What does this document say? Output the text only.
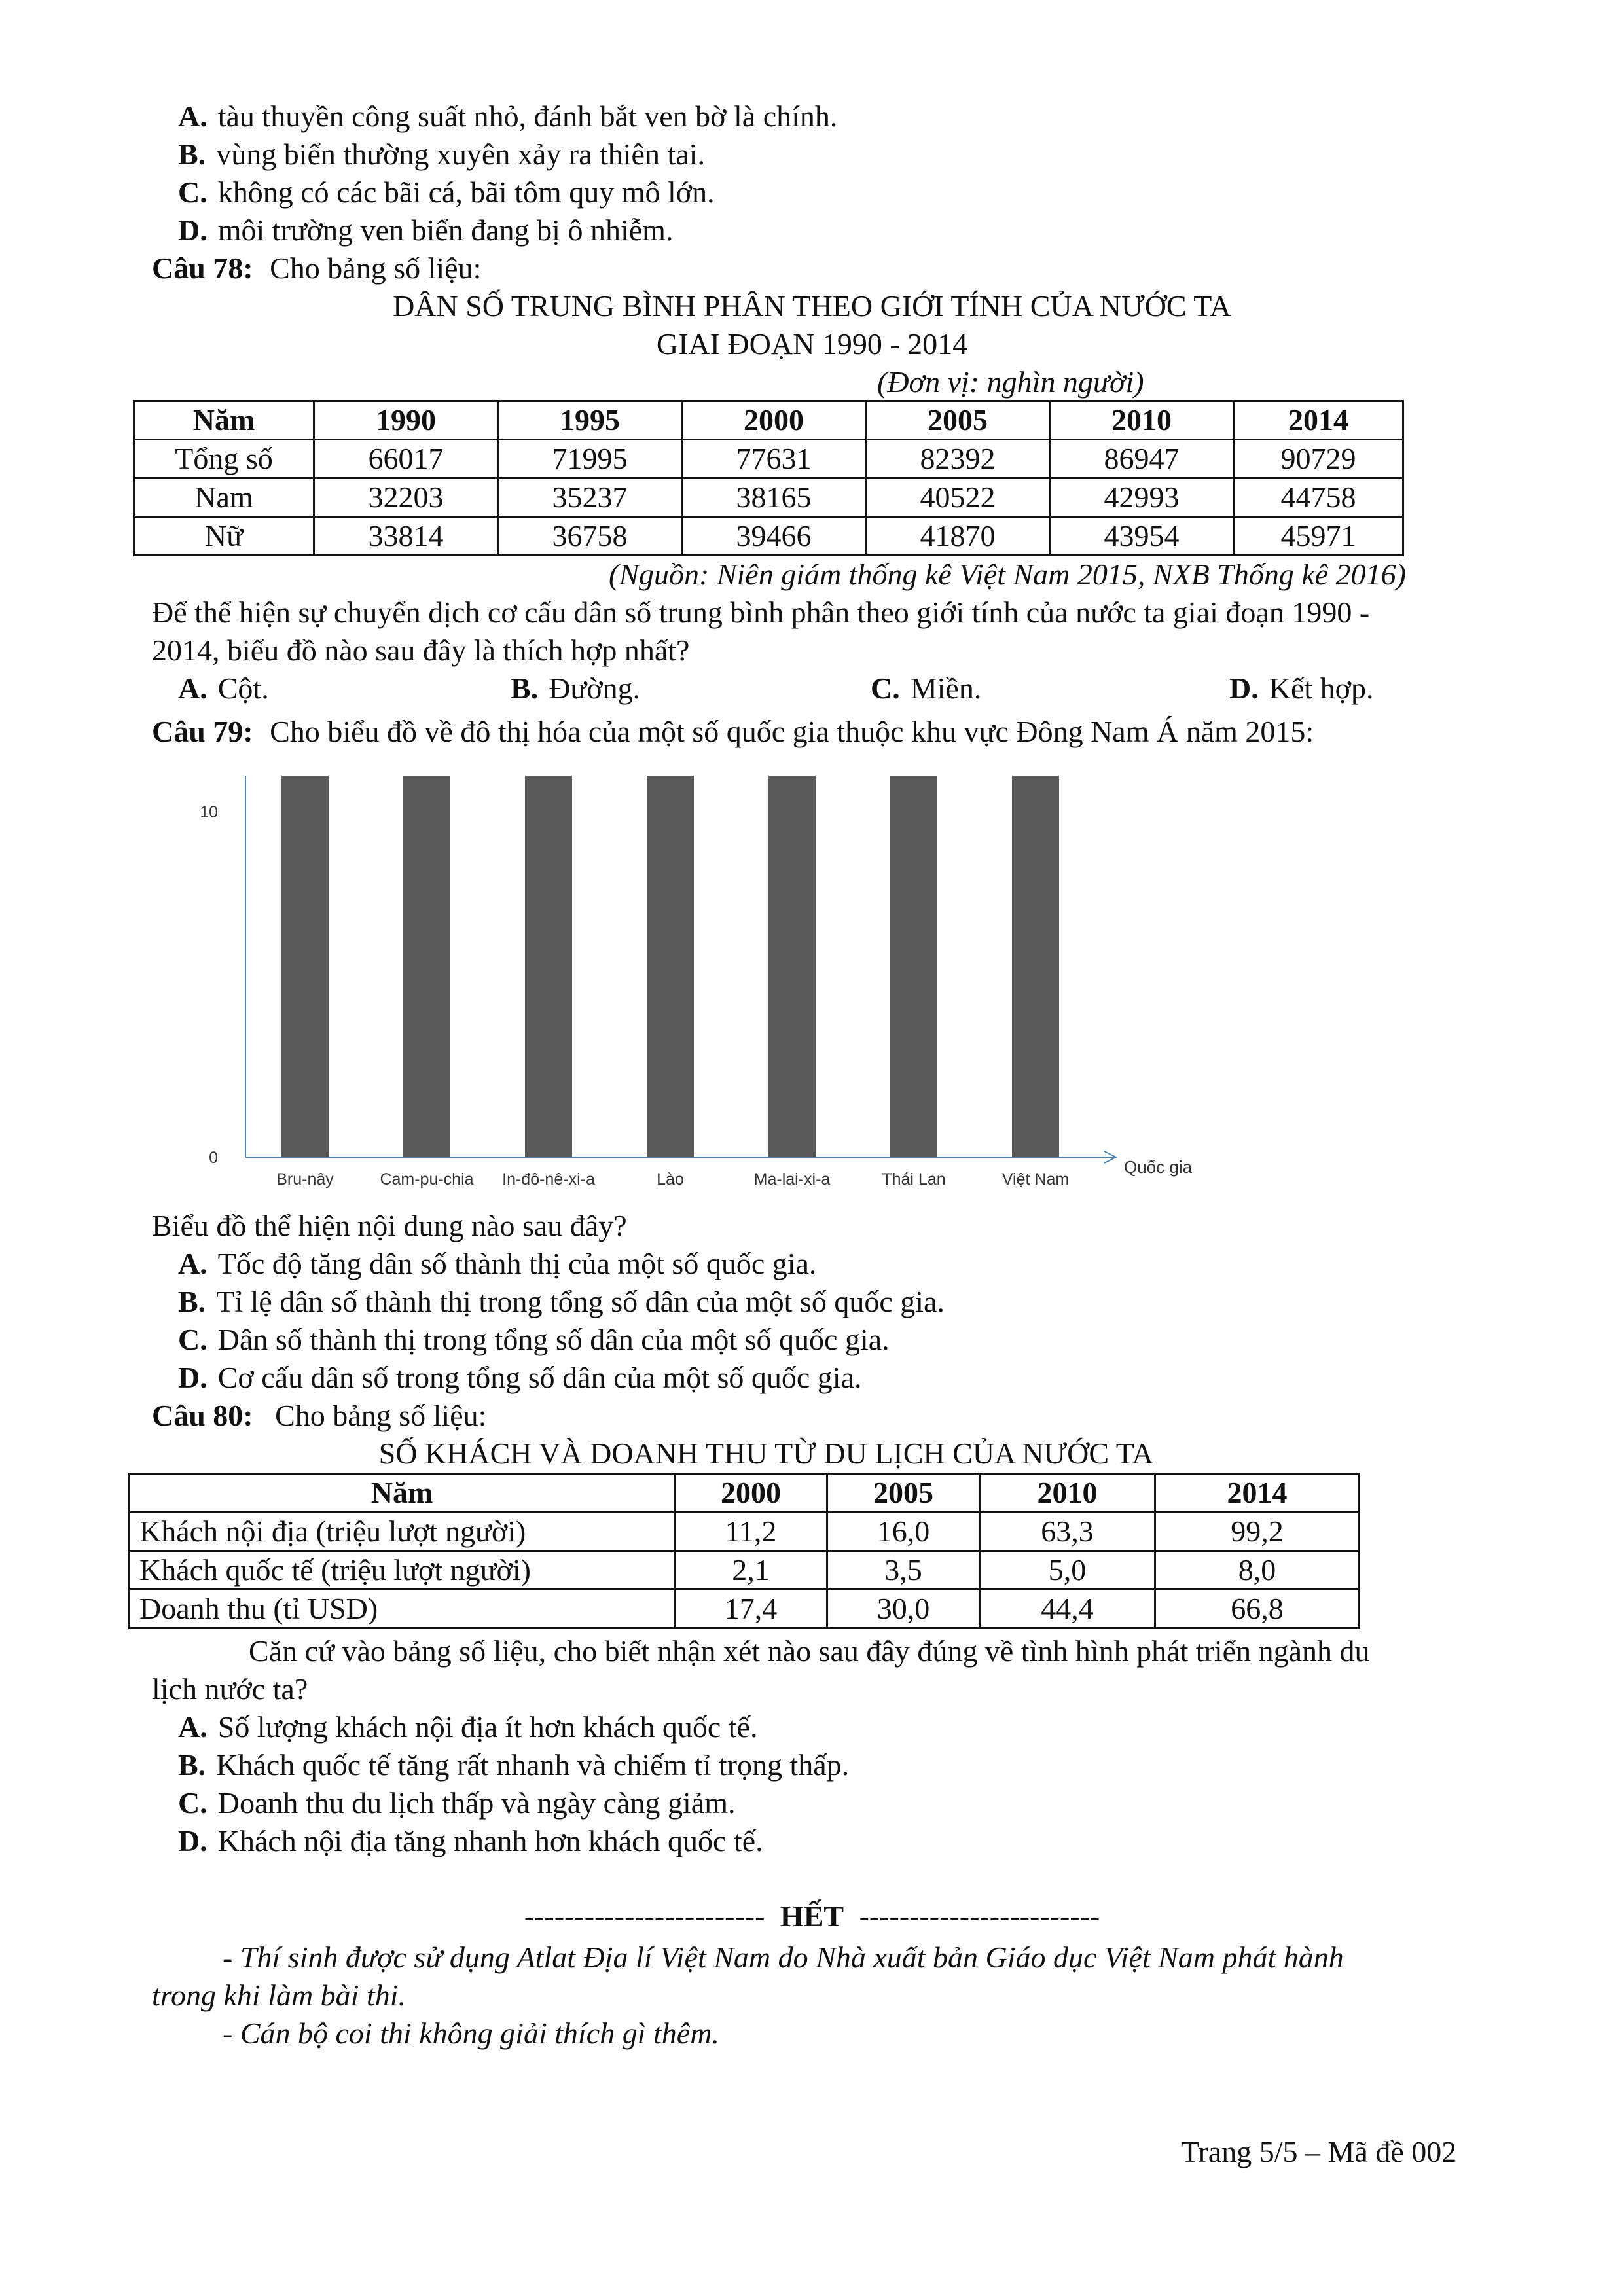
A. tàu thuyền công suất nhỏ, đánh bắt ven bờ là chính.
B. vùng biển thường xuyên xảy ra thiên tai.
C. không có các bãi cá, bãi tôm quy mô lớn.
D. môi trường ven biển đang bị ô nhiễm.
Câu 78: Cho bảng số liệu:
DÂN SỐ TRUNG BÌNH PHÂN THEO GIỚI TÍNH CỦA NƯỚC TA
GIAI ĐOẠN 1990 - 2014
(Đơn vị: nghìn người)
Năm	1990	1995	2000	2005	2010	2014
Tổng số	66017	71995	77631	82392	86947	90729
Nam	32203	35237	38165	40522	42993	44758
Nữ	33814	36758	39466	41870	43954	45971
(Nguồn: Niên giám thống kê Việt Nam 2015, NXB Thống kê 2016)
Để thể hiện sự chuyển dịch cơ cấu dân số trung bình phân theo giới tính của nước ta giai đoạn 1990 -
2014, biểu đồ nào sau đây là thích hợp nhất?
A. Cột.	B. Đường.	C. Miền.	D. Kết hợp.
Câu 79: Cho biểu đồ về đô thị hóa của một số quốc gia thuộc khu vực Đông Nam Á năm 2015:
Quốc gia
0
10
Bru-nây	Cam-pu-chia In-đô-nê-xi-a	Lào	Ma-lai-xi-a	Thái Lan	Việt Nam
Biểu đồ thể hiện nội dung nào sau đây?
A. Tốc độ tăng dân số thành thị của một số quốc gia.
B. Tỉ lệ dân số thành thị trong tổng số dân của một số quốc gia.
C. Dân số thành thị trong tổng số dân của một số quốc gia.
D. Cơ cấu dân số trong tổng số dân của một số quốc gia.
Câu 80: Cho bảng số liệu:
SỐ KHÁCH VÀ DOANH THU TỪ DU LỊCH CỦA NƯỚC TA
Năm	2000	2005	2010	2014
Khách nội địa (triệu lượt người)	11,2	16,0	63,3	99,2
Khách quốc tế (triệu lượt người)	2,1	3,5	5,0	8,0
Doanh thu (tỉ USD)	17,4	30,0	44,4	66,8
Căn cứ vào bảng số liệu, cho biết nhận xét nào sau đây đúng về tình hình phát triển ngành du
lịch nước ta?
A. Số lượng khách nội địa ít hơn khách quốc tế.
B. Khách quốc tế tăng rất nhanh và chiếm tỉ trọng thấp.
C. Doanh thu du lịch thấp và ngày càng giảm.
D. Khách nội địa tăng nhanh hơn khách quốc tế.
------------------------ HẾT ------------------------
- Thí sinh được sử dụng Atlat Địa lí Việt Nam do Nhà xuất bản Giáo dục Việt Nam phát hành
trong khi làm bài thi.
- Cán bộ coi thi không giải thích gì thêm.
Trang 5/5 – Mã đề 002
